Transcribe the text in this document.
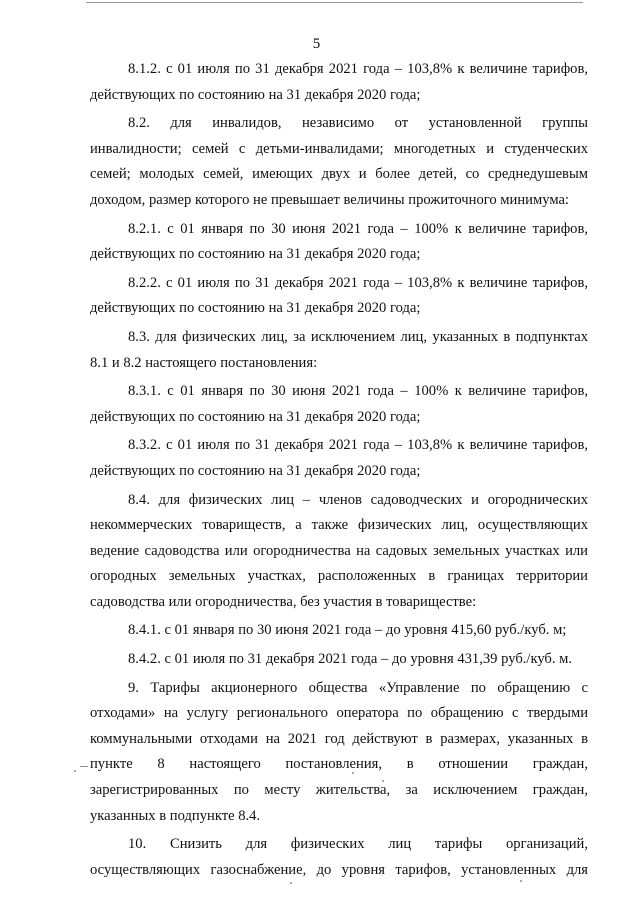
5
8.1.2. с 01 июля по 31 декабря 2021 года – 103,8% к величине тарифов,
действующих по состоянию на 31 декабря 2020 года;
8.2. для инвалидов, независимо от установленной группы
инвалидности; семей с детьми-инвалидами; многодетных и студенческих
семей; молодых семей, имеющих двух и более детей, со среднедушевым
доходом, размер которого не превышает величины прожиточного минимума:
8.2.1. с 01 января по 30 июня 2021 года – 100% к величине тарифов,
действующих по состоянию на 31 декабря 2020 года;
8.2.2. с 01 июля по 31 декабря 2021 года – 103,8% к величине тарифов,
действующих по состоянию на 31 декабря 2020 года;
8.3. для физических лиц, за исключением лиц, указанных в подпунктах
8.1 и 8.2 настоящего постановления:
8.3.1. с 01 января по 30 июня 2021 года – 100% к величине тарифов,
действующих по состоянию на 31 декабря 2020 года;
8.3.2. с 01 июля по 31 декабря 2021 года – 103,8% к величине тарифов,
действующих по состоянию на 31 декабря 2020 года;
8.4. для физических лиц – членов садоводческих и огороднических
некоммерческих товариществ, а также физических лиц, осуществляющих
ведение садоводства или огородничества на садовых земельных участках или
огородных земельных участках, расположенных в границах территории
садоводства или огородничества, без участия в товариществе:
8.4.1. с 01 января по 30 июня 2021 года – до уровня 415,60 руб./куб. м;
8.4.2. с 01 июля по 31 декабря 2021 года – до уровня 431,39 руб./куб. м.
9. Тарифы акционерного общества «Управление по обращению с
отходами» на услугу регионального оператора по обращению с твердыми
коммунальными отходами на 2021 год действуют в размерах, указанных в
пункте 8 настоящего постановления, в отношении граждан,
зарегистрированных по месту жительства, за исключением граждан,
указанных в подпункте 8.4.
10. Снизить для физических лиц тарифы организаций,
осуществляющих газоснабжение, до уровня тарифов, установленных для
